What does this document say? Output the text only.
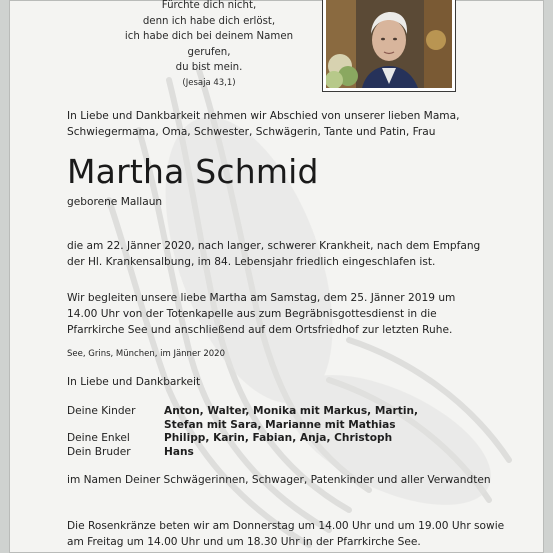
Fürchte dich nicht,
denn ich habe dich erlöst,
ich habe dich bei deinem Namen
gerufen,
du bist mein.
(Jesaja 43,1)
In Liebe und Dankbarkeit nehmen wir Abschied von unserer lieben Mama,
Schwiegermama, Oma, Schwester, Schwägerin, Tante und Patin, Frau
Martha Schmid
geborene Mallaun
die am 22. Jänner 2020, nach langer, schwerer Krankheit, nach dem Empfang
der Hl. Krankensalbung, im 84. Lebensjahr friedlich eingeschlafen ist.
Wir begleiten unsere liebe Martha am Samstag, dem 25. Jänner 2019 um
14.00 Uhr von der Totenkapelle aus zum Begräbnisgottesdienst in die
Pfarrkirche See und anschließend auf dem Ortsfriedhof zur letzten Ruhe.
See, Grins, München, im Jänner 2020
In Liebe und Dankbarkeit
Deine Kinder	Anton, Walter, Monika mit Markus, Martin,
Stefan mit Sara, Marianne mit Mathias
Deine Enkel	Philipp, Karin, Fabian, Anja, Christoph
Dein Bruder	Hans
im Namen Deiner Schwägerinnen, Schwager, Patenkinder und aller Verwandten
Die Rosenkränze beten wir am Donnerstag um 14.00 Uhr und um 19.00 Uhr sowie
am Freitag um 14.00 Uhr und um 18.30 Uhr in der Pfarrkirche See.
